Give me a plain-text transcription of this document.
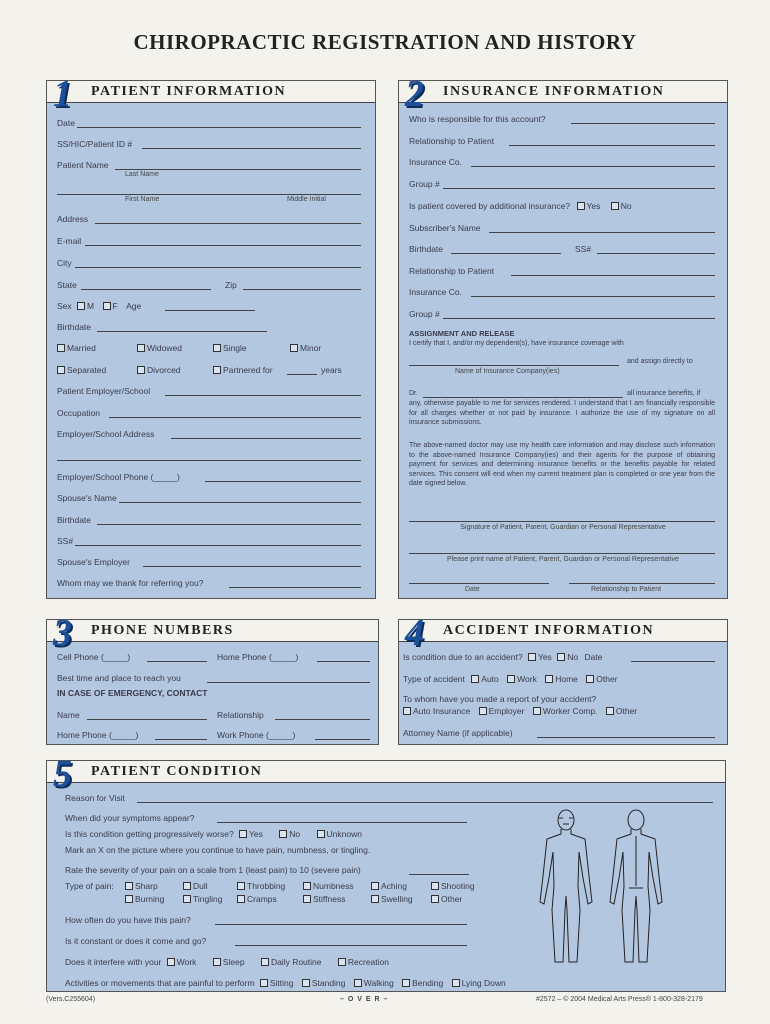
CHIROPRACTIC REGISTRATION AND HISTORY
1 PATIENT INFORMATION
Date
SS/HIC/Patient ID #
Patient Name
Last Name
First Name	Middle Initial
Address
E-mail
City
State	Zip
Sex M F Age
Birthdate
Married	Widowed	Single	Minor
Separated	Divorced	Partnered for	years
Patient Employer/School
Occupation
Employer/School Address
Employer/School Phone (_____)
Spouse's Name
Birthdate
SS#
Spouse's Employer
Whom may we thank for referring you?
2 INSURANCE INFORMATION
Who is responsible for this account?
Relationship to Patient
Insurance Co.
Group #
Is patient covered by additional insurance? Yes No
Subscriber's Name
Birthdate	SS#
Relationship to Patient
Insurance Co.
Group #
ASSIGNMENT AND RELEASE
I certify that I, and/or my dependent(s), have insurance coverage with
and assign directly to
Name of Insurance Company(ies)
Dr.	all insurance benefits, if
any, otherwise payable to me for services rendered. I understand that I am financially responsible for all charges whether or not paid by insurance. I authorize the use of my signature on all insurance submissions.
The above-named doctor may use my health care information and may disclose such information to the above-named Insurance Company(ies) and their agents for the purpose of obtaining payment for services and determining insurance benefits or the benefits payable for related services. This consent will end when my current treatment plan is completed or one year from the date signed below.
Signature of Patient, Parent, Guardian or Personal Representative
Please print name of Patient, Parent, Guardian or Personal Representative
Date	Relationship to Patient
3 PHONE NUMBERS
Cell Phone (_____)	Home Phone (_____)
Best time and place to reach you
IN CASE OF EMERGENCY, CONTACT
Name	Relationship
Home Phone (_____)	Work Phone (_____)
4 ACCIDENT INFORMATION
Is condition due to an accident? Yes No Date
Type of accident Auto Work Home Other
To whom have you made a report of your accident?
Auto Insurance Employer Worker Comp. Other
Attorney Name (if applicable)
5 PATIENT CONDITION
Reason for Visit
When did your symptoms appear?
Is this condition getting progressively worse? Yes	No	Unknown
Mark an X on the picture where you continue to have pain, numbness, or tingling.
Rate the severity of your pain on a scale from 1 (least pain) to 10 (severe pain)
Type of pain:	Sharp	Dull	Throbbing	Numbness	Aching	Shooting
Burning	Tingling	Cramps	Stiffness	Swelling	Other
How often do you have this pain?
Is it constant or does it come and go?
Does it interfere with your Work	Sleep	Daily Routine	Recreation
Activities or movements that are painful to perform Sitting Standing Walking Bending Lying Down
(Vers.C255604)	– O V E R –	#2572 – © 2004 Medical Arts Press® 1-800-328-2179
